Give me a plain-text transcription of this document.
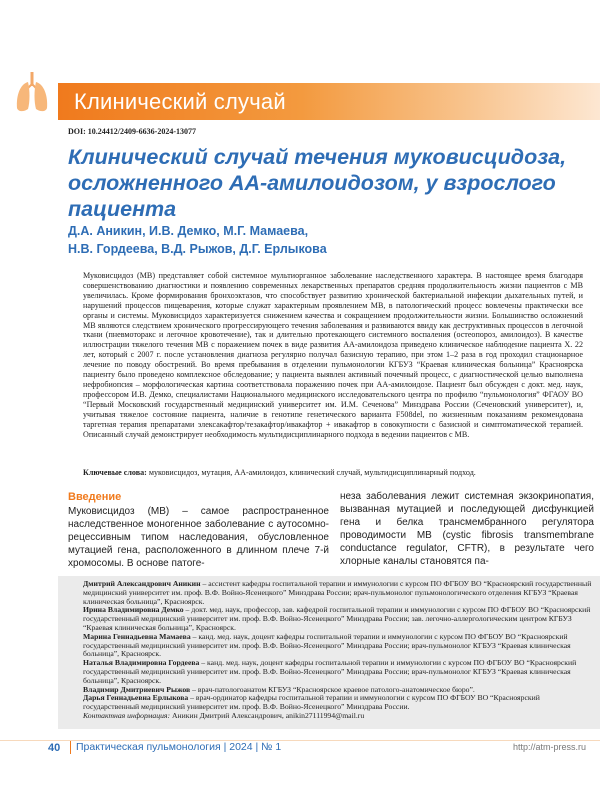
Клинический случай
DOI: 10.24412/2409-6636-2024-13077
Клинический случай течения муковисцидоза, осложненного АА-амилоидозом, у взрослого пациента
Д.А. Аникин, И.В. Демко, М.Г. Мамаева,
Н.В. Гордеева, В.Д. Рыжов, Д.Г. Ерлыкова

Муковисцидоз (МВ) представляет собой системное мультиорганное заболевание наследственного характера. В настоящее время благодаря совершенствованию диагностики и появлению современных лекарственных препаратов средняя продолжительность жизни пациентов с МВ увеличилась. Кроме формирования бронхоэктазов, что способствует развитию хронической бактериальной инфекции дыхательных путей, и нарушений процессов пищеварения, которые служат характерным проявлением МВ, в патологический процесс вовлечены практически все органы и системы. Муковисцидоз характеризуется снижением качества и сокращением продолжительности жизни. Большинство осложнений МВ являются следствием хронического прогрессирующего течения заболевания и развиваются ввиду как деструктивных процессов в легочной ткани (пневмоторакс и легочное кровотечение), так и длительно протекающего системного воспаления (остеопороз, амилоидоз). В качестве иллюстрации тяжелого течения МВ с поражением почек в виде развития АА-амилоидоза приведено клиническое наблюдение пациента Х. 22 лет, который с 2007 г. после установления диагноза регулярно получал базисную терапию, при этом 1–2 раза в год проходил стационарное лечение по поводу обострений. Во время пребывания в отделении пульмонологии КГБУЗ “Краевая клиническая больница” Красноярска пациенту было проведено комплексное обследование; у пациента выявлен активный почечный процесс, с диагностической целью выполнена нефробиопсия – морфологическая картина соответствовала поражению почек при АА-амилоидозе. Пациент был обсужден с докт. мед. наук, профессором И.В. Демко, специалистами Национального медицинского исследовательского центра по профилю “пульмонология” ФГАОУ ВО “Первый Московский государственный медицинский университет им. И.М. Сеченова” Минздрава России (Сеченовский университет), и, учитывая тяжелое состояние пациента, наличие в генотипе генетического варианта F508del, по жизненным показаниям рекомендована таргетная терапия препаратами элексакафтор/тезакафтор/ивакафтор + ивакафтор в совокупности с базисной и симптоматической терапией. Описанный случай демонстрирует необходимость мультидисциплинарного подхода в ведении пациентов с МВ.

Ключевые слова: муковисцидоз, мутация, АА-амилоидоз, клинический случай, мультидисциплинарный подход.

Введение

Муковисцидоз (МВ) – самое распространенное наследственное моногенное заболевание с аутосомно-рецессивным типом наследования, обусловленное мутацией гена, расположенного в длинном плече 7-й хромосомы. В основе патоге-

неза заболевания лежит системная экзокринопатия, вызванная мутацией и последующей дисфункцией гена и белка трансмембранного регулятора проводимости МВ (cystic fibrosis transmembrane conductance regulator, CFTR), в результате чего хлорные каналы становятся па-

Дмитрий Александрович Аникин – ассистент кафедры госпитальной терапии и иммунологии с курсом ПО ФГБОУ ВО “Красноярский государственный медицинский университет им. проф. В.Ф. Войно-Ясенецкого” Минздрава России; врач-пульмонолог пульмонологического отделения КГБУЗ “Краевая клиническая больница”, Красноярск.

Ирина Владимировна Демко – докт. мед. наук, профессор, зав. кафедрой госпитальной терапии и иммунологии с курсом ПО ФГБОУ ВО “Красноярский государственный медицинский университет им. проф. В.Ф. Войно-Ясенецкого” Минздрава России; зав. легочно-аллергологическим центром КГБУЗ “Краевая клиническая больница”, Красноярск.

Марина Геннадьевна Мамаева – канд. мед. наук, доцент кафедры госпитальной терапии и иммунологии с курсом ПО ФГБОУ ВО “Красноярский государственный медицинский университет им. проф. В.Ф. Войно-Ясенецкого” Минздрава России; врач-пульмонолог КГБУЗ “Краевая клиническая больница”, Красноярск.

Наталья Владимировна Гордеева – канд. мед. наук, доцент кафедры госпитальной терапии и иммунологии с курсом ПО ФГБОУ ВО “Красноярский государственный медицинский университет им. проф. В.Ф. Войно-Ясенецкого” Минздрава России; врач-пульмонолог КГБУЗ “Краевая клиническая больница”, Красноярск.

Владимир Дмитриевич Рыжов – врач-патологоанатом КГБУЗ “Красноярское краевое патолого-анатомическое бюро”.

Дарья Геннадьевна Ерлыкова – врач-ординатор кафедры госпитальной терапии и иммунологии с курсом ПО ФГБОУ ВО “Красноярский государственный медицинский университет им. проф. В.Ф. Войно-Ясенецкого” Минздрава России.

Контактная информация: Аникин Дмитрий Александрович, anikin27111994@mail.ru

40 Практическая пульмонология | 2024 | № 1	http://atm-press.ru
